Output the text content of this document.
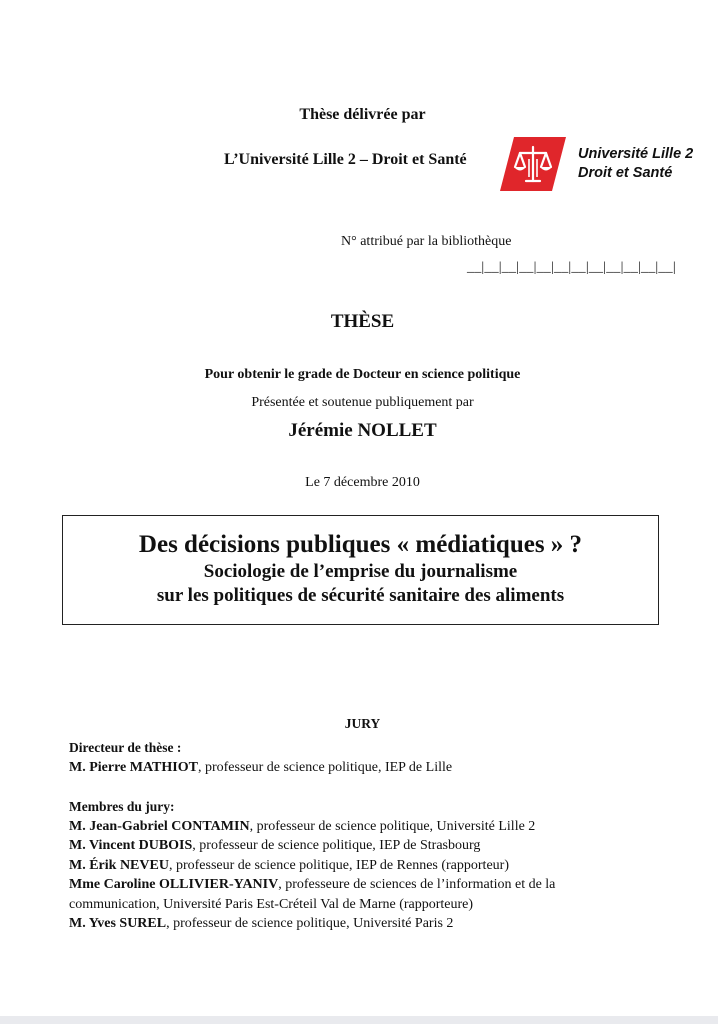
Thèse délivrée par
L’Université Lille 2 – Droit et Santé	Université Lille 2
Droit et Santé
N° attribué par la bibliothèque
__|__|__|__|__|__|__|__|__|__|__|__|
THÈSE
Pour obtenir le grade de Docteur en science politique
Présentée et soutenue publiquement par
Jérémie NOLLET
Le 7 décembre 2010
Des décisions publiques « médiatiques » ?
Sociologie de l’emprise du journalisme
sur les politiques de sécurité sanitaire des aliments
JURY
Directeur de thèse :
M. Pierre MATHIOT, professeur de science politique, IEP de Lille
Membres du jury:
M. Jean-Gabriel CONTAMIN, professeur de science politique, Université Lille 2
M. Vincent DUBOIS, professeur de science politique, IEP de Strasbourg
M. Érik NEVEU, professeur de science politique, IEP de Rennes (rapporteur)
Mme Caroline OLLIVIER-YANIV, professeure de sciences de l’information et de la
communication, Université Paris Est-Créteil Val de Marne (rapporteure)
M. Yves SUREL, professeur de science politique, Université Paris 2
